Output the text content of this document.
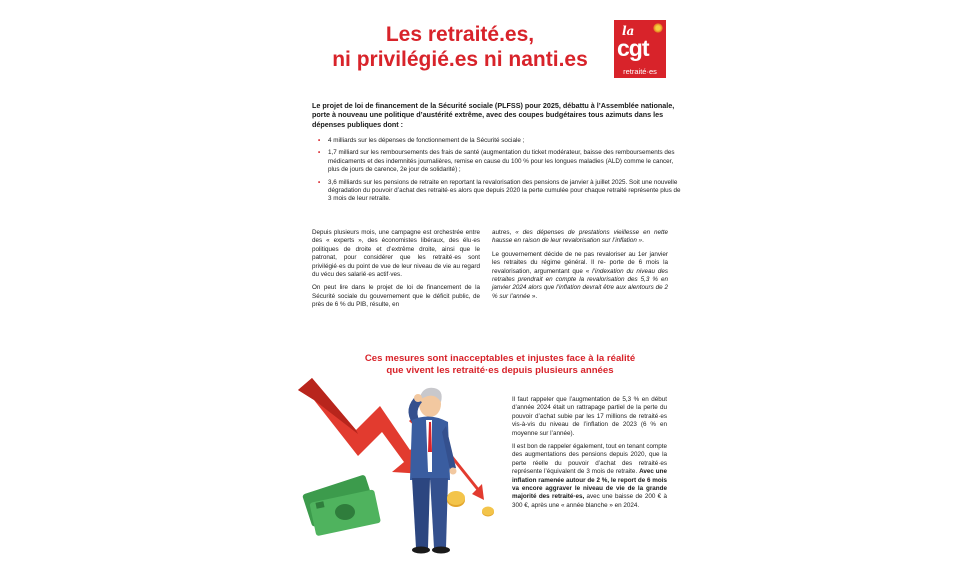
Les retraité.es,
ni privilégié.es ni nanti.es
la
cgt
retraité·es

Le projet de loi de financement de la Sécurité sociale (PLFSS) pour 2025, débattu à l’Assemblée nationale, porte à nouveau une politique d’austérité extrême, avec des coupes budgétaires tous azimuts dans les dépenses publiques dont :

• 4 milliards sur les dépenses de fonctionnement de la Sécurité sociale ;
• 1,7 milliard sur les remboursements des frais de santé (augmentation du ticket modérateur, baisse des remboursements des médicaments et des indemnités journalières, remise en cause du 100 % pour les longues maladies (ALD) comme le cancer, plus de jours de carence, 2e jour de solidarité) ;
• 3,6 milliards sur les pensions de retraite en reportant la revalorisation des pensions de janvier à juillet 2025. Soit une nouvelle dégradation du pouvoir d’achat des retraité·es alors que depuis 2020 la perte cumulée pour chaque retraité représente plus de 3 mois de leur retraite.

Depuis plusieurs mois, une campagne est orchestrée entre des « experts », des économistes libéraux, des élu·es politiques de droite et d’extrême droite, ainsi que le patronat, pour considérer que les retraité·es sont privilégié·es du point de vue de leur niveau de vie au regard du vécu des salarié·es actif·ves.

On peut lire dans le projet de loi de financement de la Sécurité sociale du gouvernement que le déficit public, de près de 6 % du PIB, résulte, en

autres, « des dépenses de prestations vieillesse en nette hausse en raison de leur revalorisation sur l’inflation ».

Le gouvernement décide de ne pas revaloriser au 1er janvier les retraites du régime général. Il re- porte de 6 mois la revalorisation, argumentant que « l’indexation du niveau des retraites prendrait en compte la revalorisation des 5,3 % en janvier 2024 alors que l’inflation devrait être aux alentours de 2 % sur l’année ».

Ces mesures sont inacceptables et injustes face à la réalité
que vivent les retraité·es depuis plusieurs années

Il faut rappeler que l’augmentation de 5,3 % en début d’année 2024 était un rattrapage partiel de la perte du pouvoir d’achat subie par les 17 millions de retraité·es vis-à-vis du niveau de l’inflation de 2023 (6 % en moyenne sur l’année).

Il est bon de rappeler également, tout en tenant compte des augmentations des pensions depuis 2020, que la perte réelle du pouvoir d’achat des retraité·es représente l’équivalent de 3 mois de retraite. Avec une inflation ramenée autour de 2 %, le report de 6 mois va encore aggraver le niveau de vie de la grande majorité des retraité·es, avec une baisse de 200 € à 300 €, après une « année blanche » en 2024.
